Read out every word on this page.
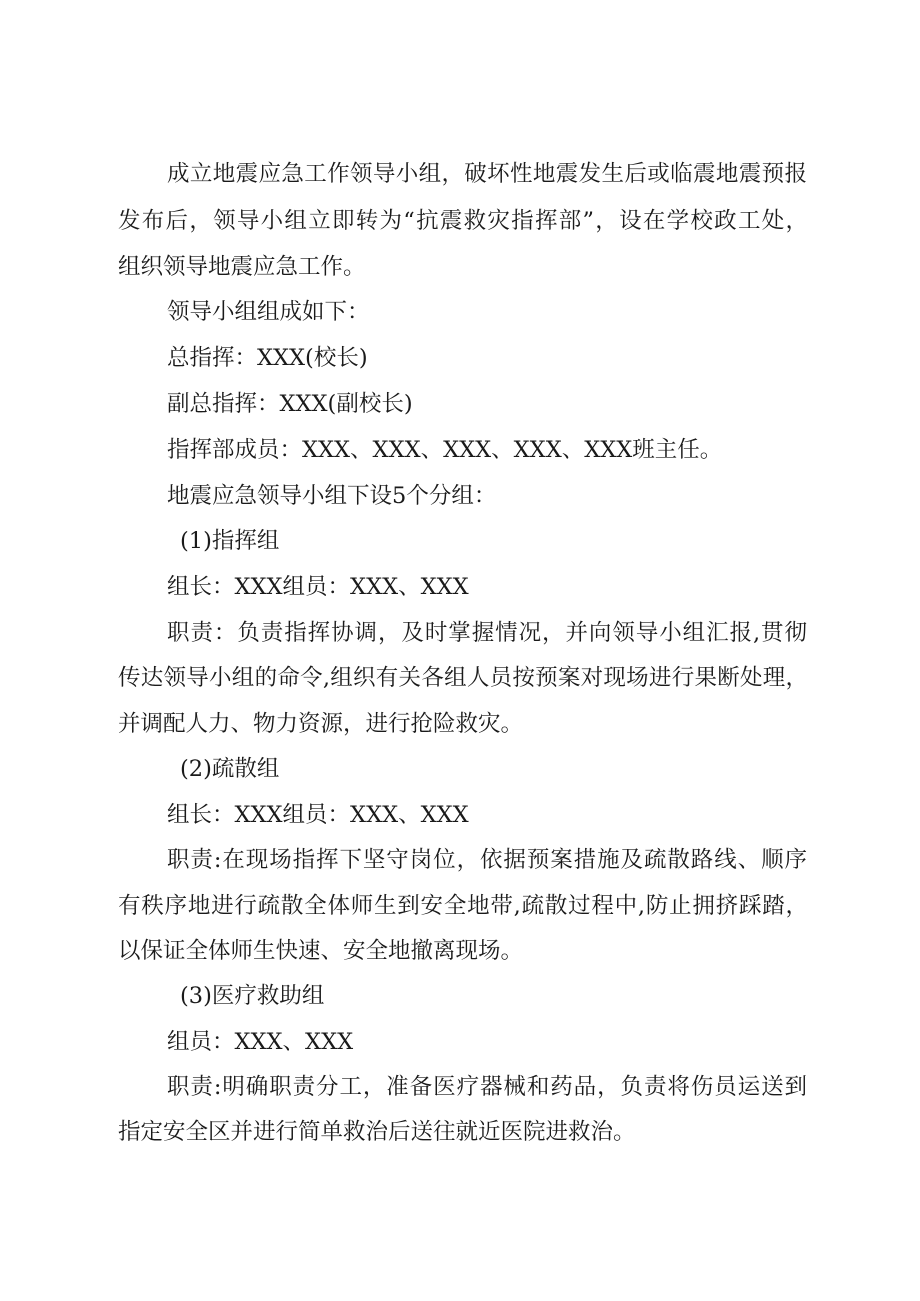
成立地震应急工作领导小组，破坏性地震发生后或临震地震预报
发布后，领导小组立即转为“抗震救灾指挥部”，设在学校政工处，
组织领导地震应急工作。
领导小组组成如下：
总指挥：XXX(校长)
副总指挥：XXX(副校长)
指挥部成员：XXX、XXX、XXX、XXX、XXX班主任。
地震应急领导小组下设5个分组：
(1)指挥组
组长：XXX组员：XXX、XXX
职责：负责指挥协调，及时掌握情况，并向领导小组汇报,贯彻
传达领导小组的命令,组织有关各组人员按预案对现场进行果断处理，
并调配人力、物力资源，进行抢险救灾。
(2)疏散组
组长：XXX组员：XXX、XXX
职责:在现场指挥下坚守岗位，依据预案措施及疏散路线、顺序
有秩序地进行疏散全体师生到安全地带,疏散过程中,防止拥挤踩踏，
以保证全体师生快速、安全地撤离现场。
(3)医疗救助组
组员：XXX、XXX
职责:明确职责分工，准备医疗器械和药品，负责将伤员运送到
指定安全区并进行简单救治后送往就近医院进救治。
